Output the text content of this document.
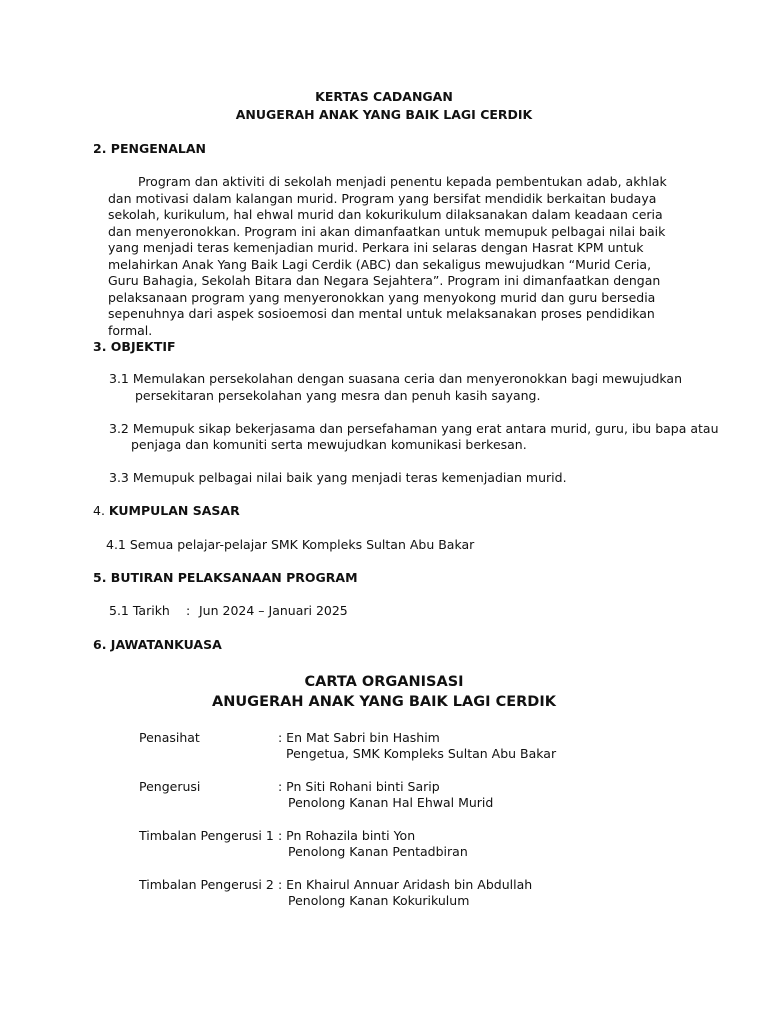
KERTAS CADANGAN
ANUGERAH ANAK YANG BAIK LAGI CERDIK
2. PENGENALAN
Program dan aktiviti di sekolah menjadi penentu kepada pembentukan adab, akhlak dan motivasi dalam kalangan murid. Program yang bersifat mendidik berkaitan budaya sekolah, kurikulum, hal ehwal murid dan kokurikulum dilaksanakan dalam keadaan ceria dan menyeronokkan. Program ini akan dimanfaatkan untuk memupuk pelbagai nilai baik yang menjadi teras kemenjadian murid. Perkara ini selaras dengan Hasrat KPM untuk melahirkan Anak Yang Baik Lagi Cerdik (ABC) dan sekaligus mewujudkan “Murid Ceria, Guru Bahagia, Sekolah Bitara dan Negara Sejahtera”. Program ini dimanfaatkan dengan pelaksanaan program yang menyeronokkan yang menyokong murid dan guru bersedia sepenuhnya dari aspek sosioemosi dan mental untuk melaksanakan proses pendidikan formal.
3. OBJEKTIF
3.1 Memulakan persekolahan dengan suasana ceria dan menyeronokkan bagi mewujudkan
persekitaran persekolahan yang mesra dan penuh kasih sayang.
3.2 Memupuk sikap bekerjasama dan persefahaman yang erat antara murid, guru, ibu bapa atau
penjaga dan komuniti serta mewujudkan komunikasi berkesan.
3.3 Memupuk pelbagai nilai baik yang menjadi teras kemenjadian murid.
4. KUMPULAN SASAR
4.1 Semua pelajar-pelajar SMK Kompleks Sultan Abu Bakar
5. BUTIRAN PELAKSANAAN PROGRAM
5.1 Tarikh : Jun 2024 – Januari 2025
6. JAWATANKUASA
CARTA ORGANISASI
ANUGERAH ANAK YANG BAIK LAGI CERDIK
Penasihat	: En Mat Sabri bin Hashim
Pengetua, SMK Kompleks Sultan Abu Bakar
Pengerusi	: Pn Siti Rohani binti Sarip
Penolong Kanan Hal Ehwal Murid
Timbalan Pengerusi 1 : Pn Rohazila binti Yon
Penolong Kanan Pentadbiran
Timbalan Pengerusi 2 : En Khairul Annuar Aridash bin Abdullah
Penolong Kanan Kokurikulum
